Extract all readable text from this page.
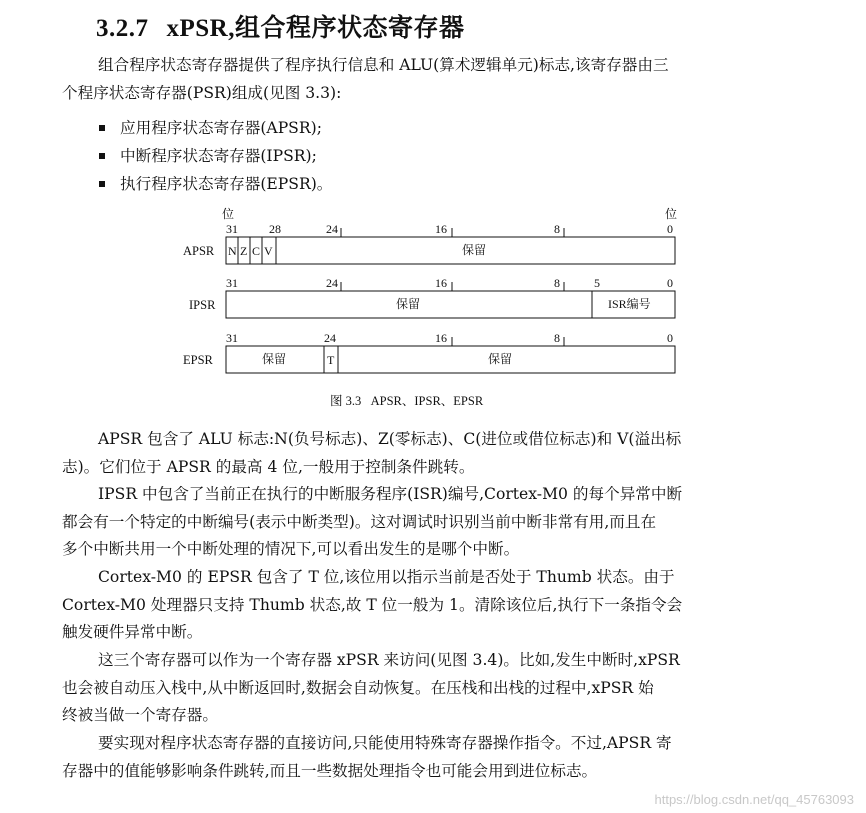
3.2.7 xPSR,组合程序状态寄存器

组合程序状态寄存器提供了程序执行信息和 ALU(算术逻辑单元)标志,该寄存器由三
个程序状态寄存器(PSR)组成(见图 3.3):

应用程序状态寄存器(APSR);
中断程序状态寄存器(IPSR);
执行程序状态寄存器(EPSR)。
位	位
31	28	24	16	8	0
APSR N Z C V	保留
31	24	16	8	5	0
IPSR	保留	ISR编号
31	24	16	8	0
EPSR	保留	T	保留
图 3.3   APSR、IPSR、EPSR

APSR 包含了 ALU 标志:N(负号标志)、Z(零标志)、C(进位或借位标志)和 V(溢出标
志)。它们位于 APSR 的最高 4 位,一般用于控制条件跳转。

IPSR 中包含了当前正在执行的中断服务程序(ISR)编号,Cortex-M0 的每个异常中断
都会有一个特定的中断编号(表示中断类型)。这对调试时识别当前中断非常有用,而且在
多个中断共用一个中断处理的情况下,可以看出发生的是哪个中断。

Cortex-M0 的 EPSR 包含了 T 位,该位用以指示当前是否处于 Thumb 状态。由于
Cortex-M0 处理器只支持 Thumb 状态,故 T 位一般为 1。清除该位后,执行下一条指令会
触发硬件异常中断。

这三个寄存器可以作为一个寄存器 xPSR 来访问(见图 3.4)。比如,发生中断时,xPSR
也会被自动压入栈中,从中断返回时,数据会自动恢复。在压栈和出栈的过程中,xPSR 始
终被当做一个寄存器。

要实现对程序状态寄存器的直接访问,只能使用特殊寄存器操作指令。不过,APSR 寄
存器中的值能够影响条件跳转,而且一些数据处理指令也可能会用到进位标志。

https://blog.csdn.net/qq_45763093
